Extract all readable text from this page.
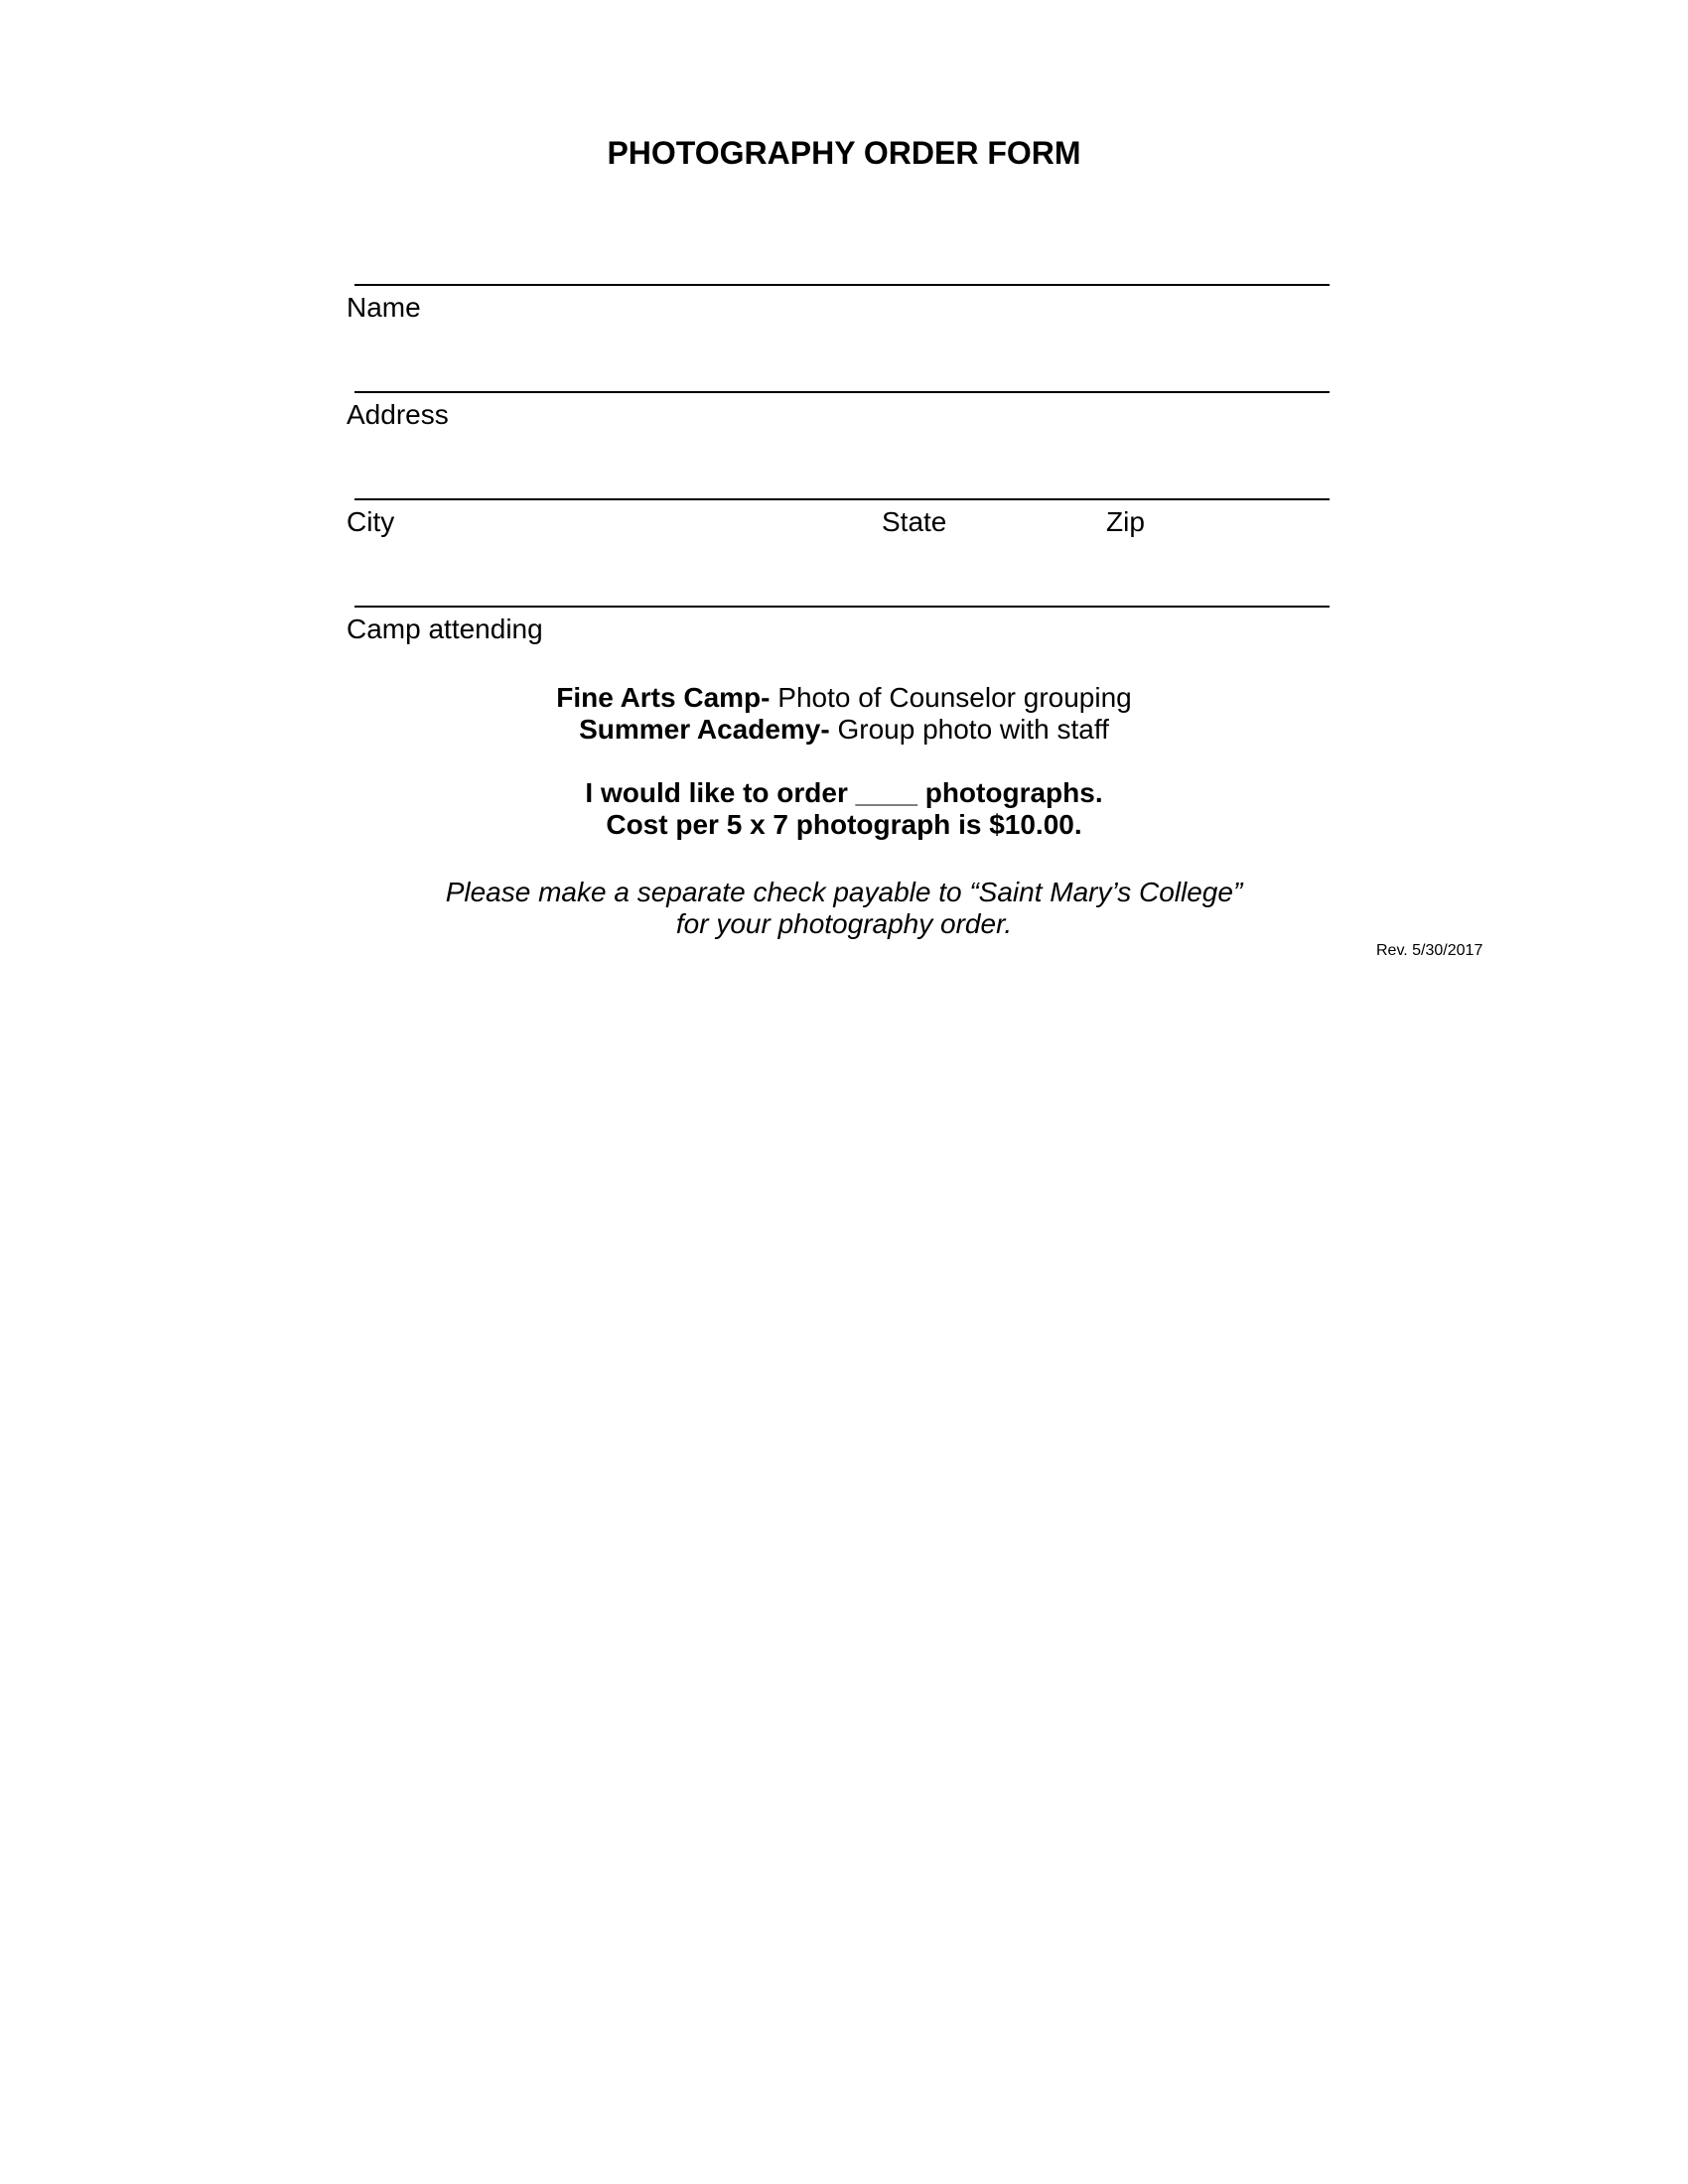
PHOTOGRAPHY ORDER FORM
Name
Address
City	State	Zip
Camp attending
Fine Arts Camp- Photo of Counselor grouping
Summer Academy- Group photo with staff
I would like to order ____ photographs.
Cost per 5 x 7 photograph is $10.00.
Please make a separate check payable to “Saint Mary’s College”
for your photography order.
Rev. 5/30/2017
